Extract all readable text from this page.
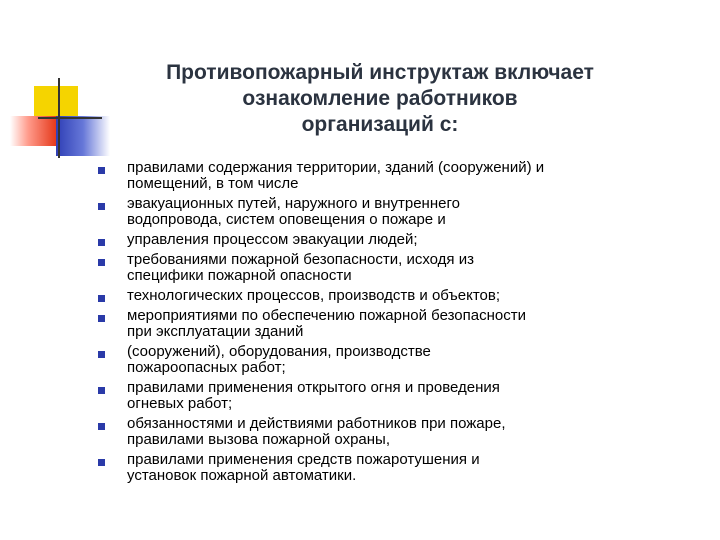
Противопожарный инструктаж включает
ознакомление работников
организаций с:
правилами содержания территории, зданий (сооружений) и
помещений, в том числе
эвакуационных путей, наружного и внутреннего
водопровода, систем оповещения о пожаре и
управления процессом эвакуации людей;
требованиями пожарной безопасности, исходя из
специфики пожарной опасности
технологических процессов, производств и объектов;
мероприятиями по обеспечению пожарной безопасности
при эксплуатации зданий
(сооружений), оборудования, производстве
пожароопасных работ;
правилами применения открытого огня и проведения
огневых работ;
обязанностями и действиями работников при пожаре,
правилами вызова пожарной охраны,
правилами применения средств пожаротушения и
установок пожарной автоматики.
